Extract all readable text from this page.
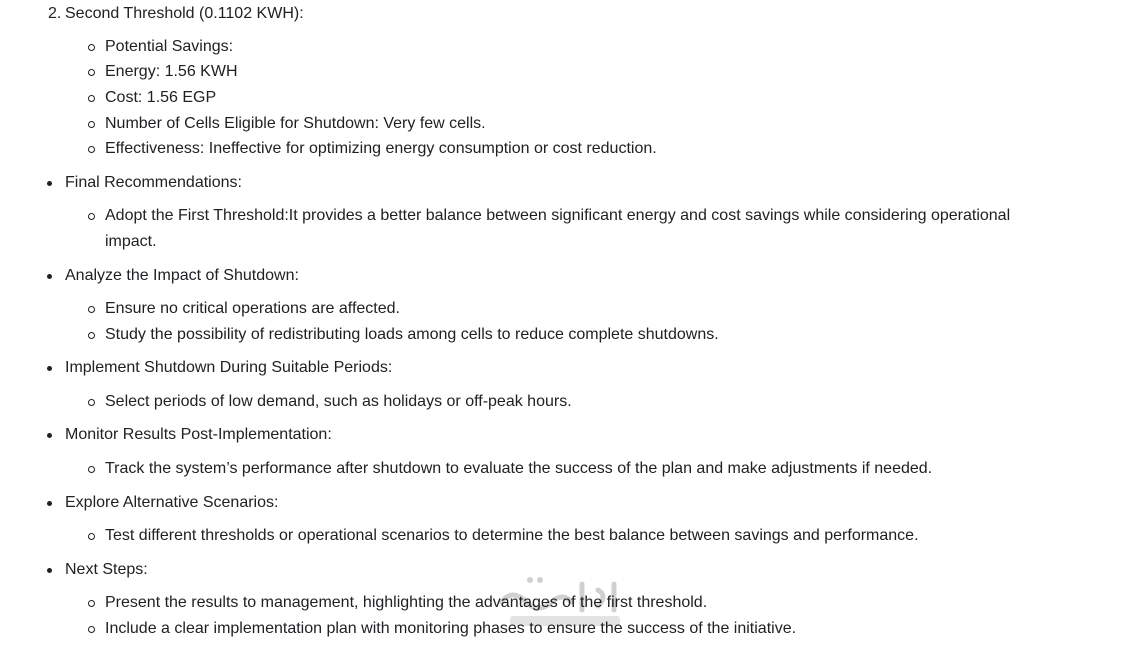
2. Second Threshold (0.1102 KWH):
Potential Savings:
Energy: 1.56 KWH
Cost: 1.56 EGP
Number of Cells Eligible for Shutdown: Very few cells.
Effectiveness: Ineffective for optimizing energy consumption or cost reduction.
Final Recommendations:
Adopt the First Threshold:It provides a better balance between significant energy and cost savings while considering operational
impact.
Analyze the Impact of Shutdown:
Ensure no critical operations are affected.
Study the possibility of redistributing loads among cells to reduce complete shutdowns.
Implement Shutdown During Suitable Periods:
Select periods of low demand, such as holidays or off-peak hours.
Monitor Results Post-Implementation:
Track the system’s performance after shutdown to evaluate the success of the plan and make adjustments if needed.
Explore Alternative Scenarios:
Test different thresholds or operational scenarios to determine the best balance between savings and performance.
Next Steps:
Present the results to management, highlighting the advantages of the first threshold.
Include a clear implementation plan with monitoring phases to ensure the success of the initiative.
